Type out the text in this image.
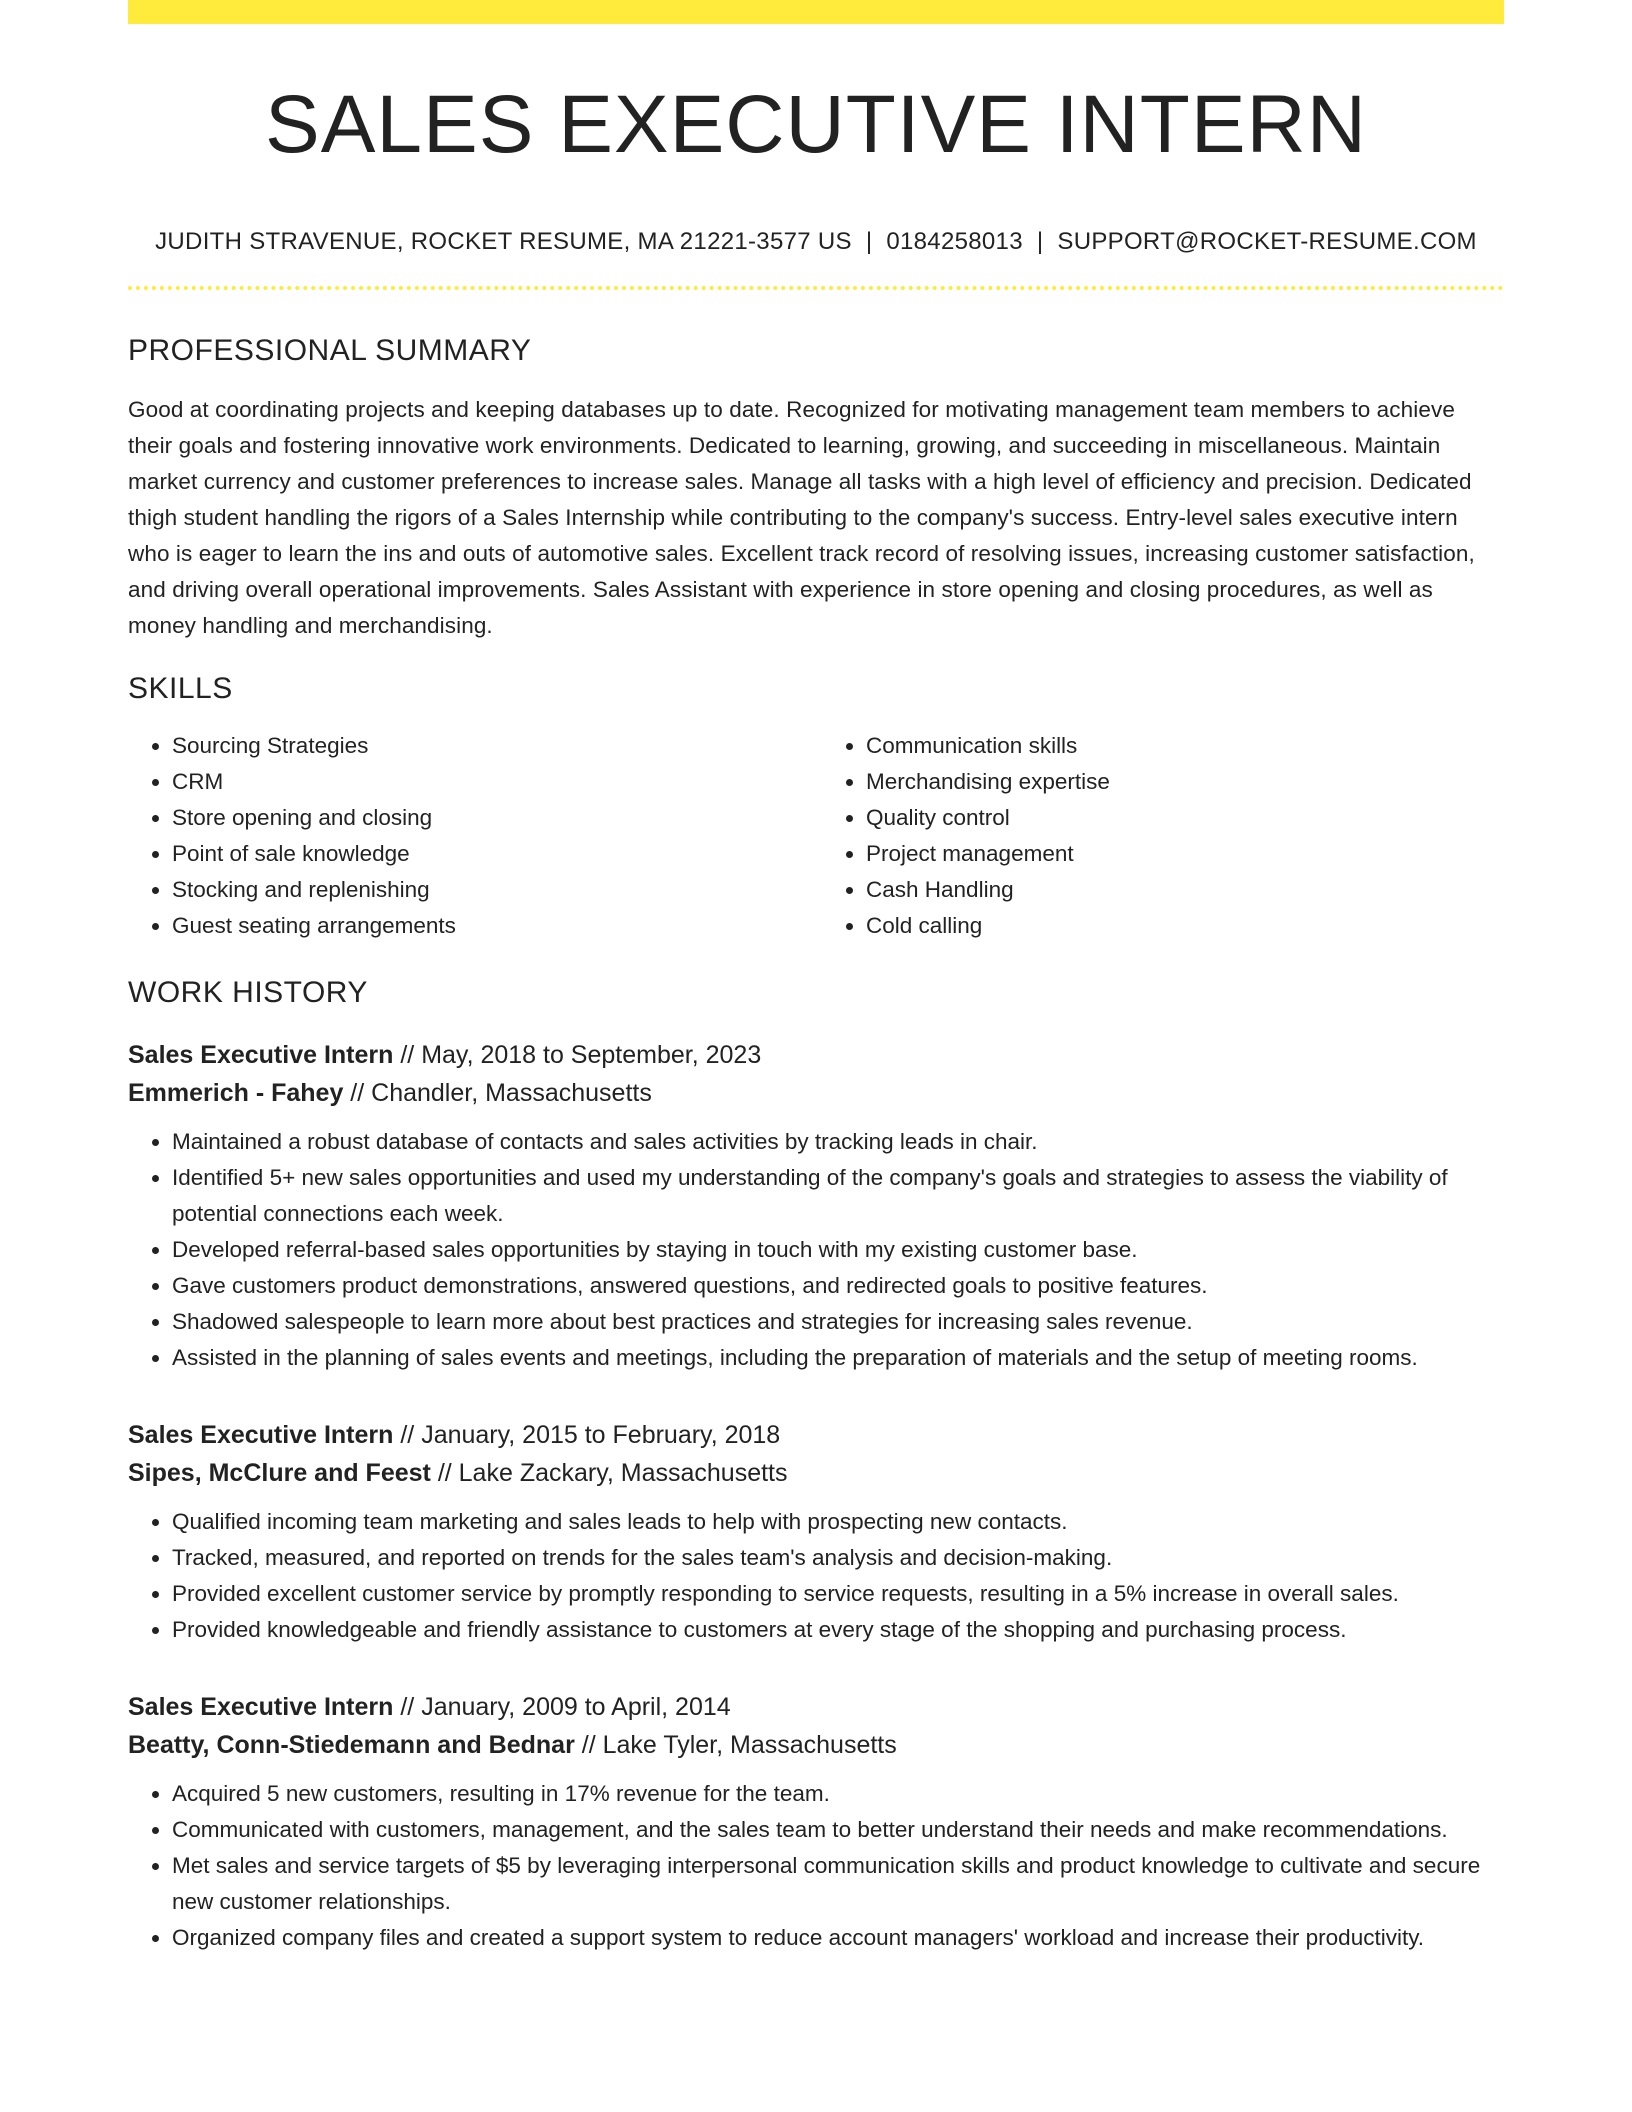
SALES EXECUTIVE INTERN
JUDITH STRAVENUE, ROCKET RESUME, MA 21221-3577 US | 0184258013 | SUPPORT@ROCKET-RESUME.COM
PROFESSIONAL SUMMARY

Good at coordinating projects and keeping databases up to date. Recognized for motivating management team members to achieve their goals and fostering innovative work environments. Dedicated to learning, growing, and succeeding in miscellaneous. Maintain market currency and customer preferences to increase sales. Manage all tasks with a high level of efficiency and precision. Dedicated thigh student handling the rigors of a Sales Internship while contributing to the company's success. Entry-level sales executive intern who is eager to learn the ins and outs of automotive sales. Excellent track record of resolving issues, increasing customer satisfaction, and driving overall operational improvements. Sales Assistant with experience in store opening and closing procedures, as well as money handling and merchandising.

SKILLS
• Sourcing Strategies
• CRM
• Store opening and closing
• Point of sale knowledge
• Stocking and replenishing
• Guest seating arrangements
• Communication skills
• Merchandising expertise
• Quality control
• Project management
• Cash Handling
• Cold calling
WORK HISTORY
Sales Executive Intern // May, 2018 to September, 2023
Emmerich - Fahey // Chandler, Massachusetts
• Maintained a robust database of contacts and sales activities by tracking leads in chair.
• Identified 5+ new sales opportunities and used my understanding of the company's goals and strategies to assess the viability of potential connections each week.
• Developed referral-based sales opportunities by staying in touch with my existing customer base.
• Gave customers product demonstrations, answered questions, and redirected goals to positive features.
• Shadowed salespeople to learn more about best practices and strategies for increasing sales revenue.
• Assisted in the planning of sales events and meetings, including the preparation of materials and the setup of meeting rooms.
Sales Executive Intern // January, 2015 to February, 2018
Sipes, McClure and Feest // Lake Zackary, Massachusetts
• Qualified incoming team marketing and sales leads to help with prospecting new contacts.
• Tracked, measured, and reported on trends for the sales team's analysis and decision-making.
• Provided excellent customer service by promptly responding to service requests, resulting in a 5% increase in overall sales.
• Provided knowledgeable and friendly assistance to customers at every stage of the shopping and purchasing process.
Sales Executive Intern // January, 2009 to April, 2014
Beatty, Conn-Stiedemann and Bednar // Lake Tyler, Massachusetts
• Acquired 5 new customers, resulting in 17% revenue for the team.
• Communicated with customers, management, and the sales team to better understand their needs and make recommendations.
• Met sales and service targets of $5 by leveraging interpersonal communication skills and product knowledge to cultivate and secure new customer relationships.
• Organized company files and created a support system to reduce account managers' workload and increase their productivity.
